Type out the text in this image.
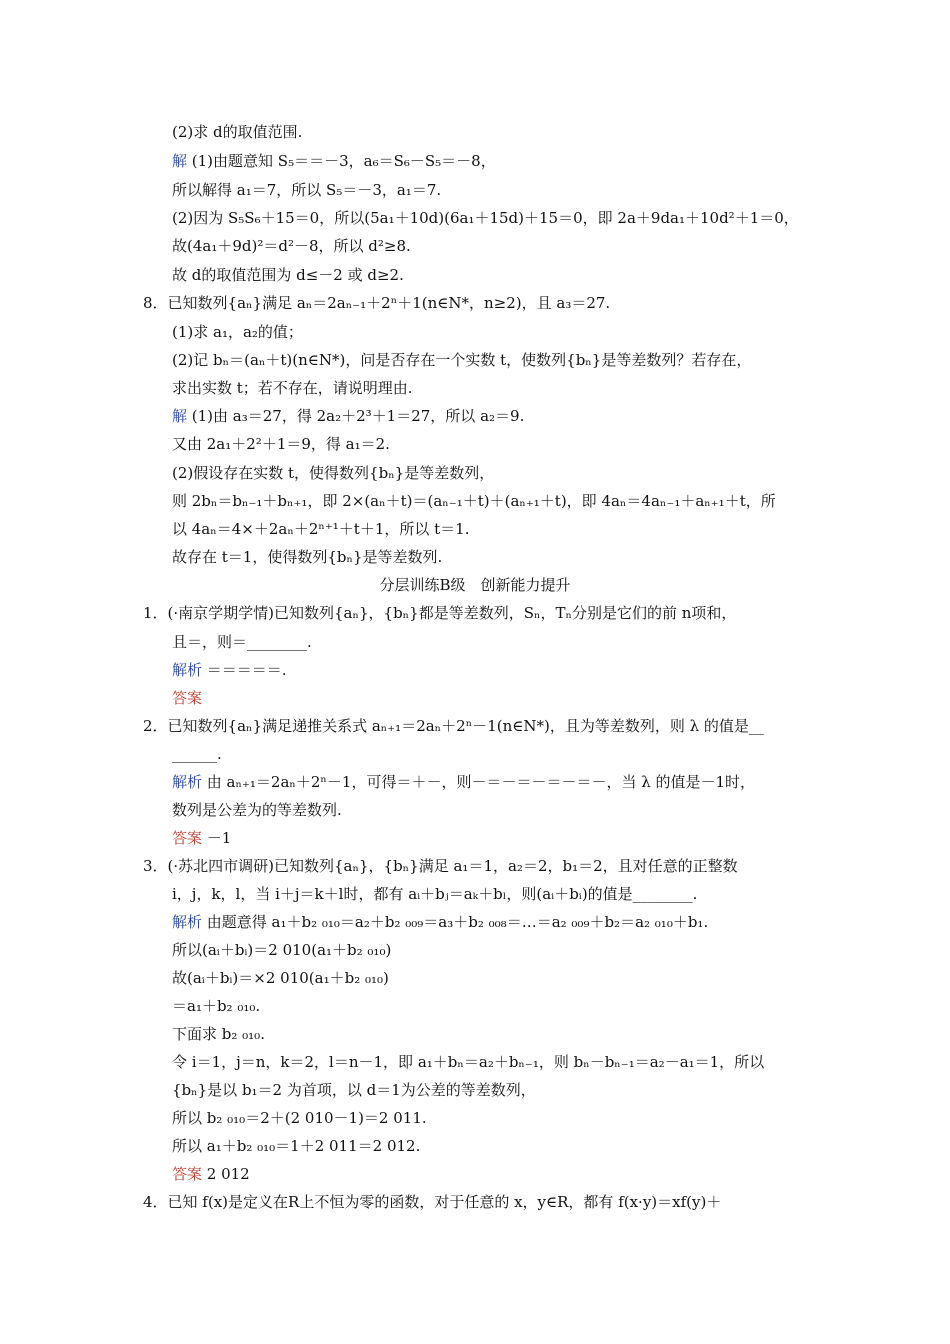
(2)求 d的取值范围.
解 (1)由题意知 S₅＝＝－3，a₆＝S₆－S₅＝－8，
所以解得 a₁＝7，所以 S₅＝－3，a₁＝7.
(2)因为 S₅S₆＋15＝0，所以(5a₁＋10d)(6a₁＋15d)＋15＝0，即 2a＋9da₁＋10d²＋1＝0，
故(4a₁＋9d)²＝d²－8，所以 d²≥8.
故 d的取值范围为 d≤－2 或 d≥2.
8．已知数列{aₙ}满足 aₙ＝2aₙ₋₁＋2ⁿ＋1(n∈N*，n≥2)，且 a₃＝27.
(1)求 a₁，a₂的值；
(2)记 bₙ＝(aₙ＋t)(n∈N*)，问是否存在一个实数 t，使数列{bₙ}是等差数列？若存在，
求出实数 t；若不存在，请说明理由.
解 (1)由 a₃＝27，得 2a₂＋2³＋1＝27，所以 a₂＝9.
又由 2a₁＋2²＋1＝9，得 a₁＝2.
(2)假设存在实数 t，使得数列{bₙ}是等差数列，
则 2bₙ＝bₙ₋₁＋bₙ₊₁，即 2×(aₙ＋t)＝(aₙ₋₁＋t)＋(aₙ₊₁＋t)，即 4aₙ＝4aₙ₋₁＋aₙ₊₁＋t，所
以 4aₙ＝4×＋2aₙ＋2ⁿ⁺¹＋t＋1，所以 t＝1.
故存在 t＝1，使得数列{bₙ}是等差数列.
分层训练B级　创新能力提升
1．(·南京学期学情)已知数列{aₙ}，{bₙ}都是等差数列，Sₙ，Tₙ分别是它们的前 n项和，
且＝，则＝________.
解析 ＝＝＝＝＝.
答案
2．已知数列{aₙ}满足递推关系式 aₙ₊₁＝2aₙ＋2ⁿ－1(n∈N*)，且为等差数列，则 λ 的值是__
______.
解析 由 aₙ₊₁＝2aₙ＋2ⁿ－1，可得＝＋－，则－＝－＝－＝－＝－，当 λ 的值是－1时，
数列是公差为的等差数列.
答案 －1
3．(·苏北四市调研)已知数列{aₙ}，{bₙ}满足 a₁＝1，a₂＝2，b₁＝2，且对任意的正整数
i，j，k，l，当 i＋j＝k＋l时，都有 aᵢ＋bⱼ＝aₖ＋bₗ，则(aᵢ＋bᵢ)的值是________.
解析 由题意得 a₁＋b₂ ₀₁₀＝a₂＋b₂ ₀₀₉＝a₃＋b₂ ₀₀₈＝…＝a₂ ₀₀₉＋b₂＝a₂ ₀₁₀＋b₁.
所以(aᵢ＋bᵢ)＝2 010(a₁＋b₂ ₀₁₀)
故(aᵢ＋bᵢ)＝×2 010(a₁＋b₂ ₀₁₀)
＝a₁＋b₂ ₀₁₀.
下面求 b₂ ₀₁₀.
令 i＝1，j＝n，k＝2，l＝n－1，即 a₁＋bₙ＝a₂＋bₙ₋₁，则 bₙ－bₙ₋₁＝a₂－a₁＝1，所以
{bₙ}是以 b₁＝2 为首项，以 d＝1为公差的等差数列，
所以 b₂ ₀₁₀＝2＋(2 010－1)＝2 011.
所以 a₁＋b₂ ₀₁₀＝1＋2 011＝2 012.
答案 2 012
4．已知 f(x)是定义在R上不恒为零的函数，对于任意的 x，y∈R，都有 f(x·y)＝xf(y)＋
